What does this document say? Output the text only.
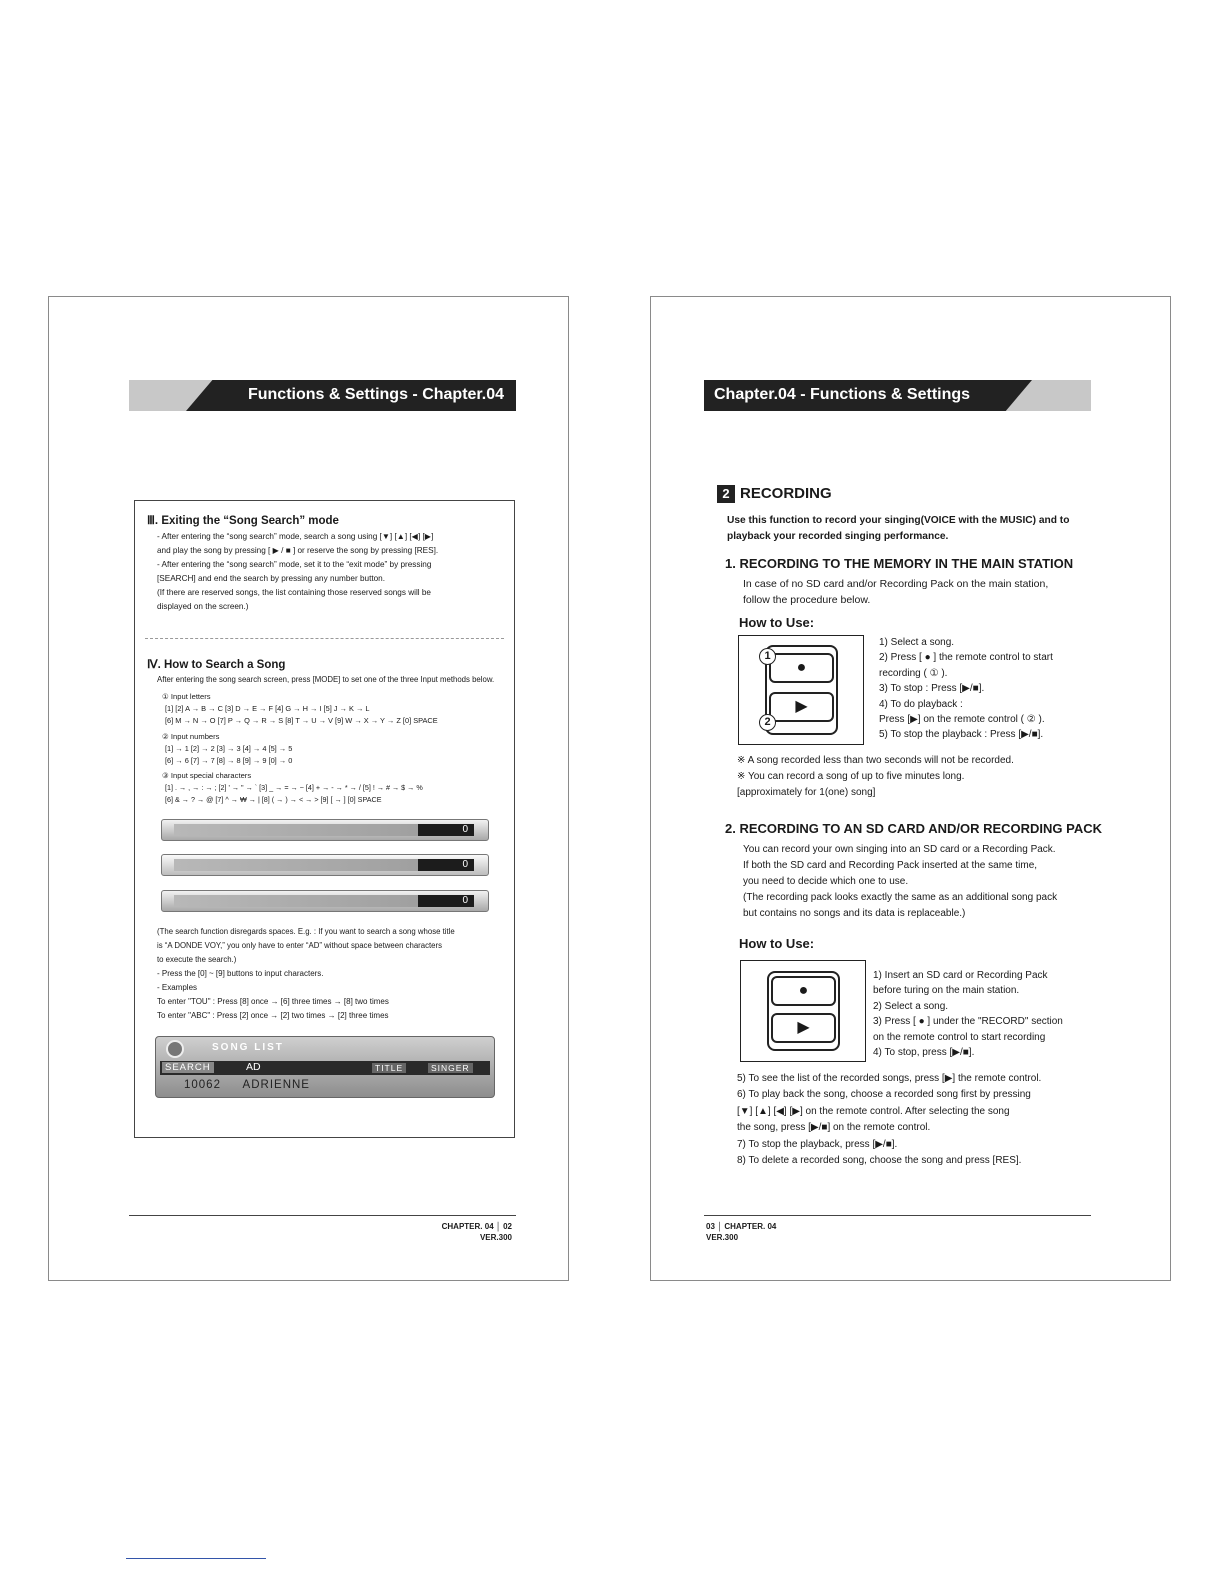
Functions & Settings - Chapter.04
Ⅲ. Exiting the “Song Search” mode
- After entering the “song search” mode, search a song using [▼] [▲] [◀] [▶]
and play the song by pressing [ ▶ / ■ ] or reserve the song by pressing [RES].
- After entering the “song search” mode, set it to the “exit mode” by pressing
[SEARCH] and end the search by pressing any number button.
(If there are reserved songs, the list containing those reserved songs will be
displayed on the screen.)
Ⅳ. How to Search a Song
After entering the song search screen, press [MODE] to set one of the three Input methods below.
① Input letters
[1] [2] A → B → C [3] D → E → F [4] G → H → I [5] J → K → L
[6] M → N → O [7] P → Q → R → S [8] T → U → V [9] W → X → Y → Z [0] SPACE
② Input numbers
[1] → 1 [2] → 2 [3] → 3 [4] → 4 [5] → 5
[6] → 6 [7] → 7 [8] → 8 [9] → 9 [0] → 0
③ Input special characters
[1] . → , → : → ; [2] ' → " → ` [3] _ → = → ~ [4] + → - → * → / [5] ! → # → $ → %
[6] & → ? → @ [7] ^ → ₩ → | [8] ( → ) → < → > [9] [ → ] [0] SPACE
0
0
0
(The search function disregards spaces. E.g. : If you want to search a song whose title
is “A DONDE VOY,” you only have to enter “AD” without space between characters
to execute the search.)
- Press the [0] ~ [9] buttons to input characters.
- Examples
To enter "TOU" : Press [8] once → [6] three times → [8] two times
To enter "ABC" : Press [2] once → [2] two times → [2] three times
SONG LIST
SEARCH	AD	TITLE	SINGER
10062 ADRIENNE
CHAPTER. 04 │ 02
VER.300
Chapter.04 - Functions & Settings
2 RECORDING
Use this function to record your singing(VOICE with the MUSIC) and to
playback your recorded singing performance.
1. RECORDING TO THE MEMORY IN THE MAIN STATION
In case of no SD card and/or Recording Pack on the main station,
follow the procedure below.
How to Use:
●
▶
1
2
1) Select a song.
2) Press [ ● ] the remote control to start
recording ( ① ).
3) To stop : Press [▶/■].
4) To do playback :
Press [▶] on the remote control ( ② ).
5) To stop the playback : Press [▶/■].
※ A song recorded less than two seconds will not be recorded.
※ You can record a song of up to five minutes long.
[approximately for 1(one) song]
2. RECORDING TO AN SD CARD AND/OR RECORDING PACK
You can record your own singing into an SD card or a Recording Pack.
If both the SD card and Recording Pack inserted at the same time,
you need to decide which one to use.
(The recording pack looks exactly the same as an additional song pack
but contains no songs and its data is replaceable.)
How to Use:
●
▶
1) Insert an SD card or Recording Pack
before turing on the main station.
2) Select a song.
3) Press [ ● ] under the "RECORD" section
on the remote control to start recording
4) To stop, press [▶/■].
5) To see the list of the recorded songs, press [▶] the remote control.
6) To play back the song, choose a recorded song first by pressing
[▼] [▲] [◀] [▶] on the remote control. After selecting the song
the song, press [▶/■] on the remote control.
7) To stop the playback, press [▶/■].
8) To delete a recorded song, choose the song and press [RES].
03 │ CHAPTER. 04
VER.300
